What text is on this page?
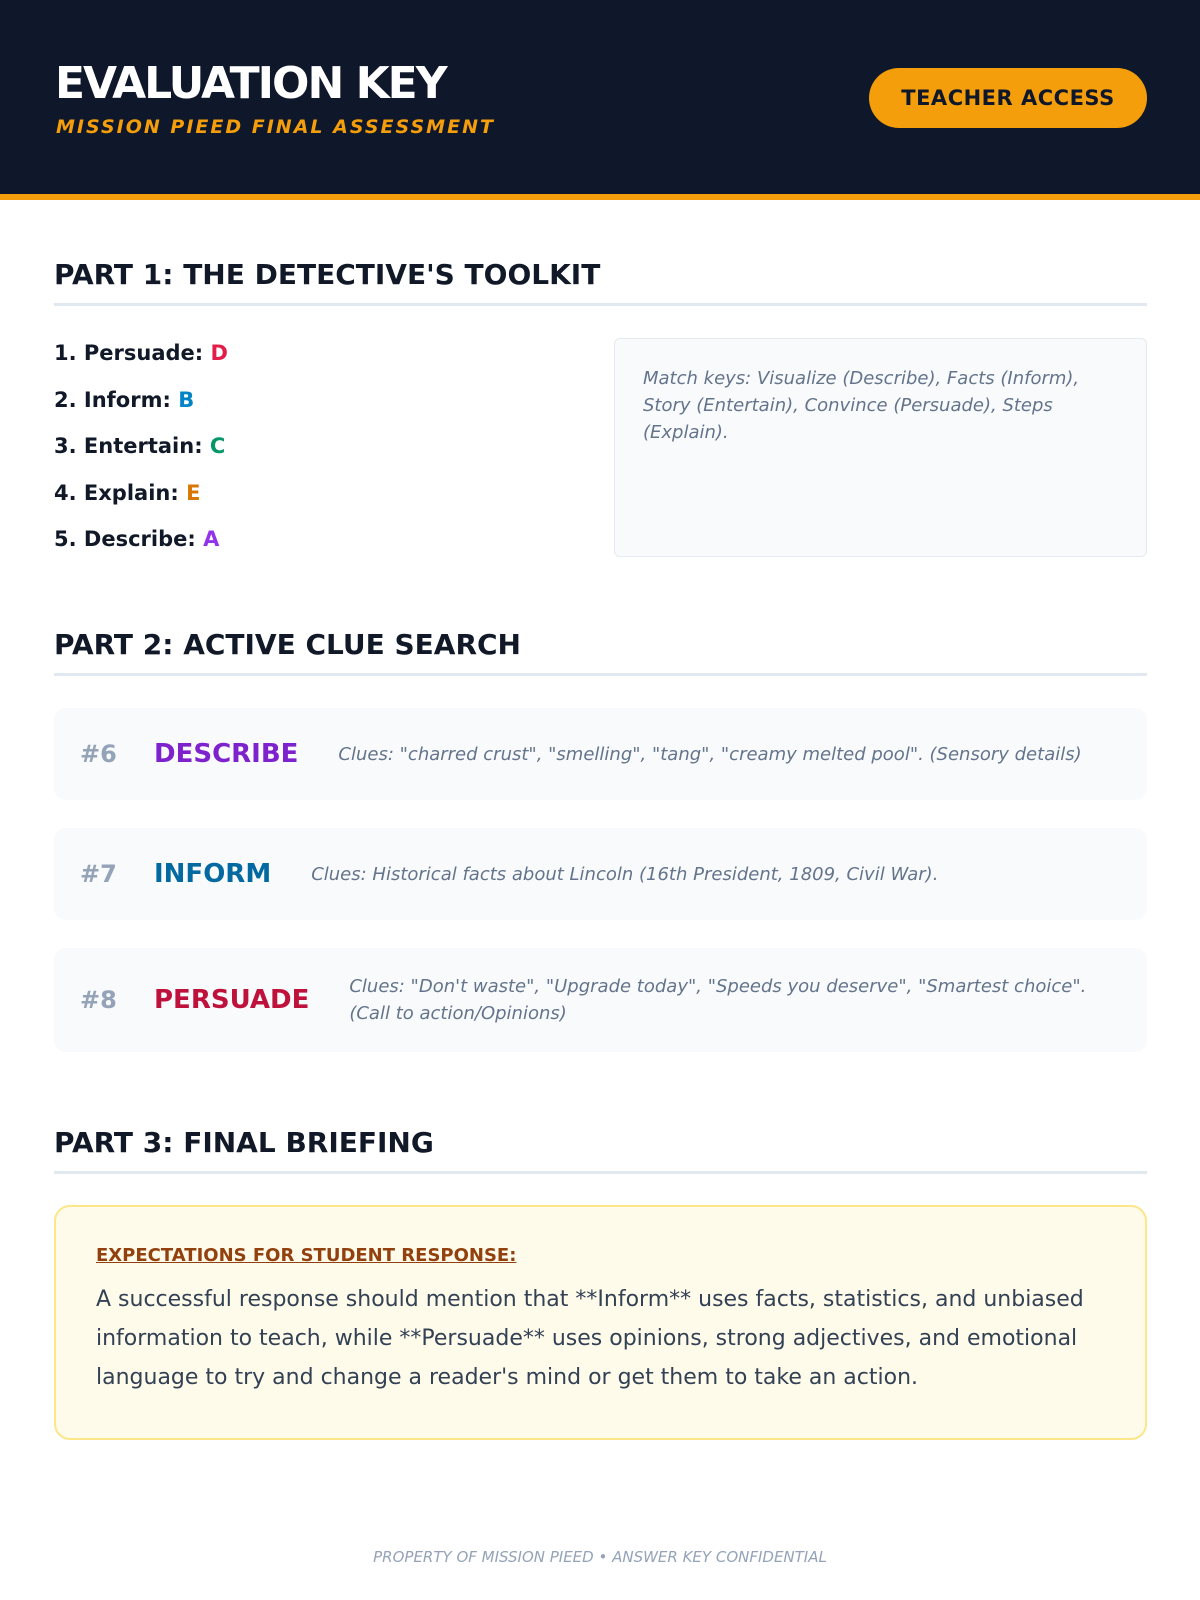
EVALUATION KEY
MISSION PIEED FINAL ASSESSMENT
TEACHER ACCESS
PART 1: THE DETECTIVE'S TOOLKIT
1. Persuade: D
2. Inform: B
3. Entertain: C
4. Explain: E
5. Describe: A
Match keys: Visualize (Describe), Facts (Inform), Story (Entertain), Convince (Persuade), Steps (Explain).
PART 2: ACTIVE CLUE SEARCH
#6	DESCRIBE Clues: "charred crust", "smelling", "tang", "creamy melted pool". (Sensory details)
#7	INFORM Clues: Historical facts about Lincoln (16th President, 1809, Civil War).
#8	PERSUADE Clues: "Don't waste", "Upgrade today", "Speeds you deserve", "Smartest choice". (Call to action/Opinions)
PART 3: FINAL BRIEFING
EXPECTATIONS FOR STUDENT RESPONSE:
A successful response should mention that **Inform** uses facts, statistics, and unbiased information to teach, while **Persuade** uses opinions, strong adjectives, and emotional language to try and change a reader's mind or get them to take an action.
PROPERTY OF MISSION PIEED • ANSWER KEY CONFIDENTIAL
